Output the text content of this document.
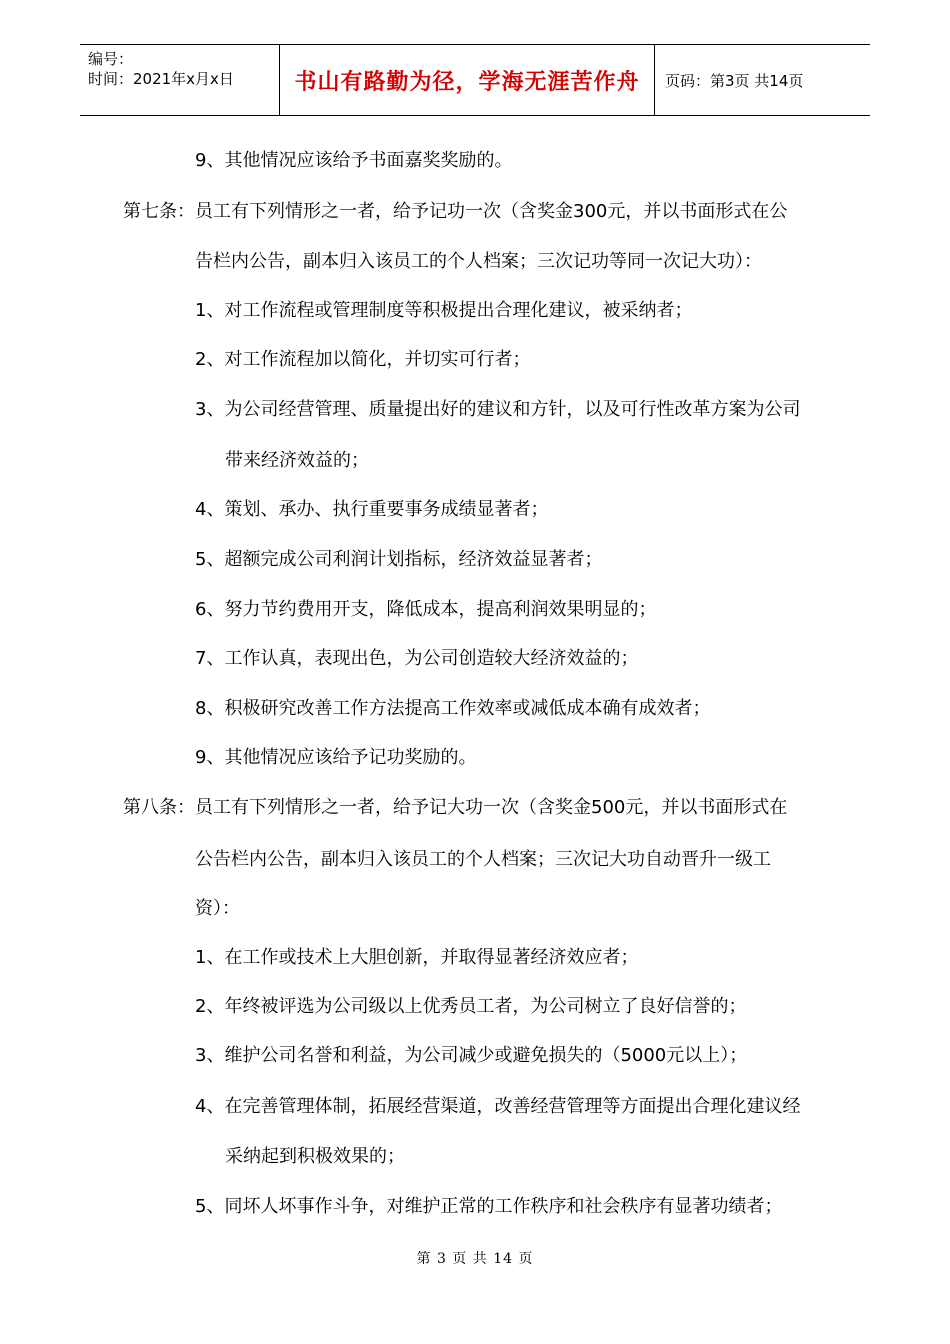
编号：
时间：2021年x月x日	书山有路勤为径，学海无涯苦作舟	页码：第3页 共14页
9、其他情况应该给予书面嘉奖奖励的。
第七条：员工有下列情形之一者，给予记功一次（含奖金300元，并以书面形式在公
告栏内公告，副本归入该员工的个人档案；三次记功等同一次记大功）：
1、对工作流程或管理制度等积极提出合理化建议，被采纳者；
2、对工作流程加以简化，并切实可行者；
3、为公司经营管理、质量提出好的建议和方针，以及可行性改革方案为公司
带来经济效益的；
4、策划、承办、执行重要事务成绩显著者；
5、超额完成公司利润计划指标，经济效益显著者；
6、努力节约费用开支，降低成本，提高利润效果明显的；
7、工作认真，表现出色，为公司创造较大经济效益的；
8、积极研究改善工作方法提高工作效率或减低成本确有成效者；
9、其他情况应该给予记功奖励的。
第八条：员工有下列情形之一者，给予记大功一次（含奖金500元，并以书面形式在
公告栏内公告，副本归入该员工的个人档案；三次记大功自动晋升一级工
资）：
1、在工作或技术上大胆创新，并取得显著经济效应者；
2、年终被评选为公司级以上优秀员工者，为公司树立了良好信誉的；
3、维护公司名誉和利益，为公司减少或避免损失的（5000元以上）；
4、在完善管理体制，拓展经营渠道，改善经营管理等方面提出合理化建议经
采纳起到积极效果的；
5、同坏人坏事作斗争，对维护正常的工作秩序和社会秩序有显著功绩者；
第 3 页 共 14 页
